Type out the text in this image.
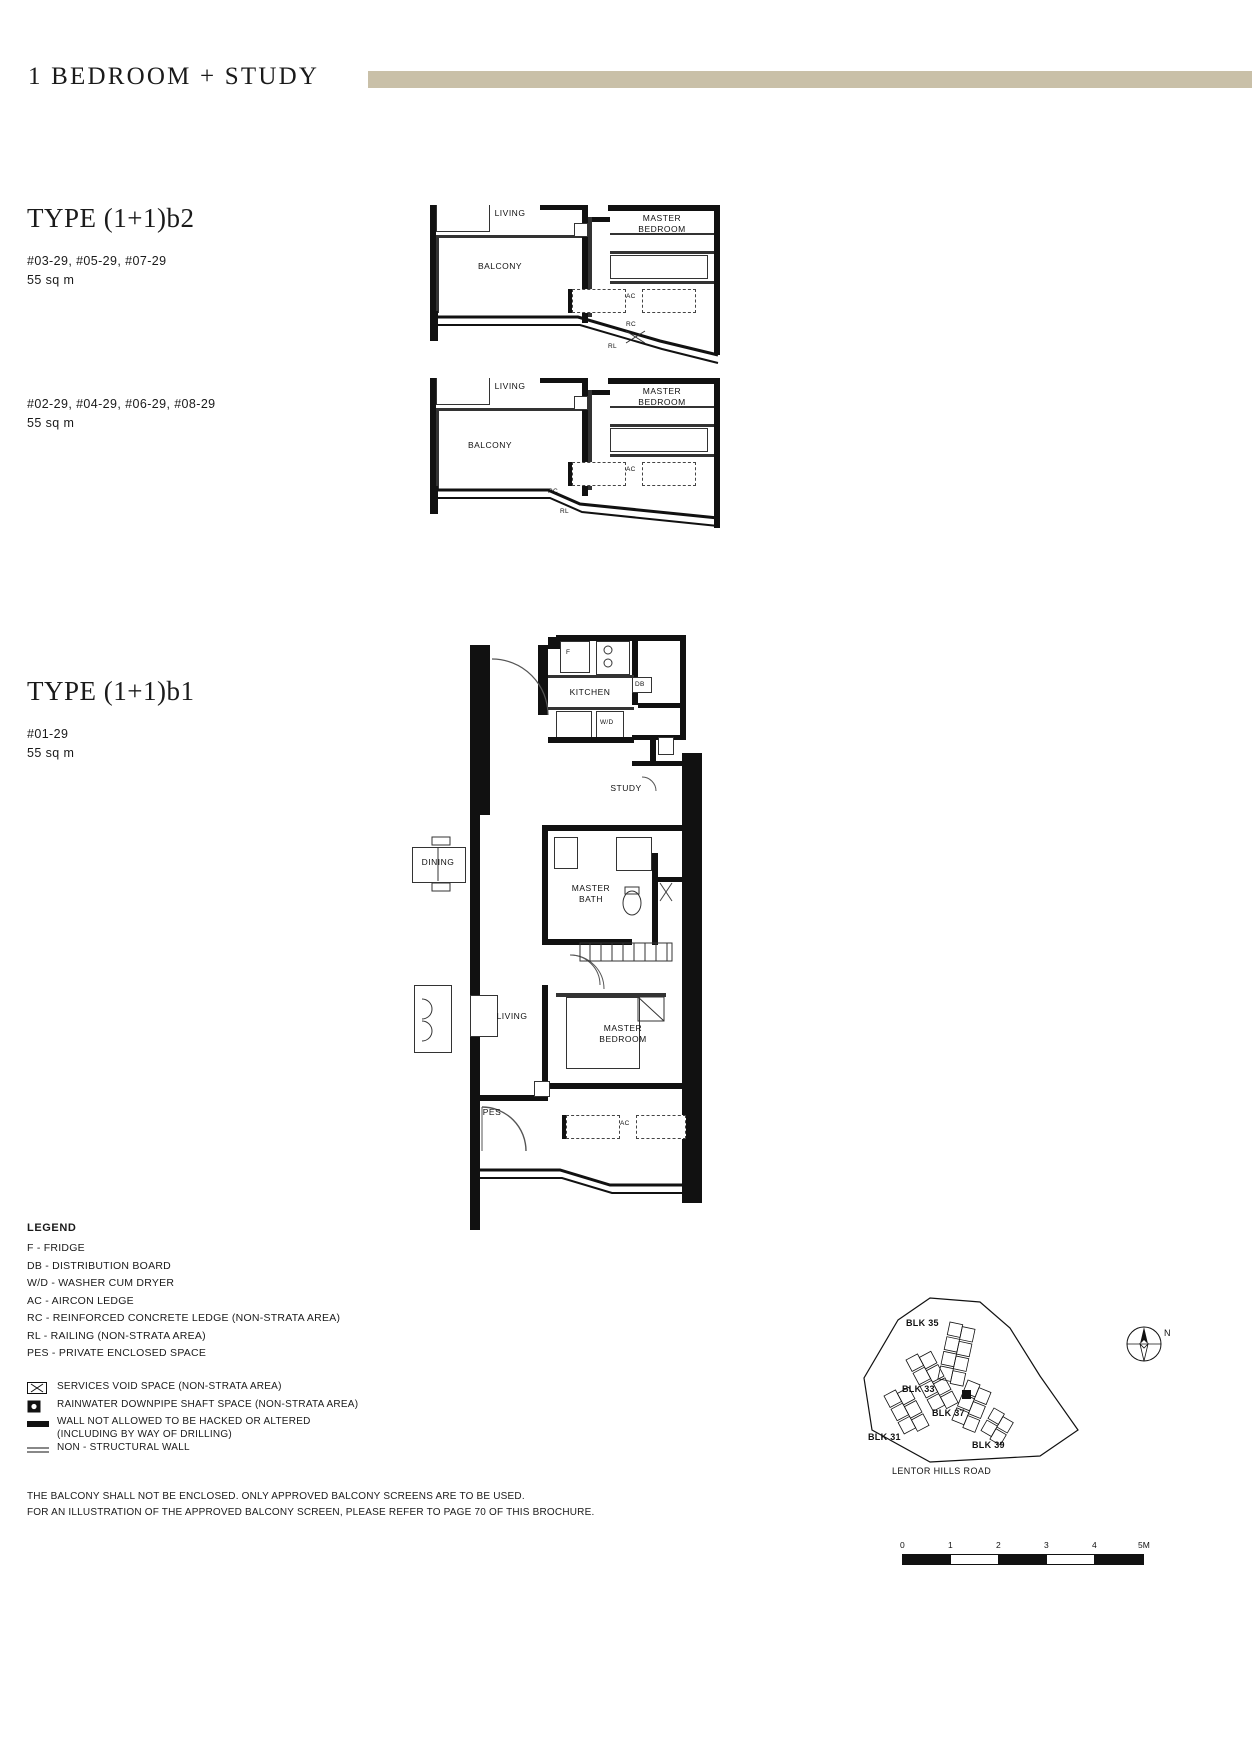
1 BEDROOM + STUDY
TYPE (1+1)b2
#03-29, #05-29, #07-29
55 sq m
#02-29, #04-29, #06-29, #08-29
55 sq m
LIVING
BALCONY
MASTER
BEDROOM
AC
RC
RL
LIVING
BALCONY
MASTER
BEDROOM
AC
RC
RL
TYPE (1+1)b1
#01-29
55 sq m
KITCHEN
F
DB
W/D
STUDY
DINING
MASTER
BATH
LIVING
MASTER
BEDROOM
PES
AC
LEGEND
F - FRIDGE
DB - DISTRIBUTION BOARD
W/D - WASHER CUM DRYER
AC - AIRCON LEDGE
RC - REINFORCED CONCRETE LEDGE (NON-STRATA AREA)
RL - RAILING (NON-STRATA AREA)
PES - PRIVATE ENCLOSED SPACE
SERVICES VOID SPACE (NON-STRATA AREA)
RAINWATER DOWNPIPE SHAFT SPACE (NON-STRATA AREA)
WALL NOT ALLOWED TO BE HACKED OR ALTERED
(INCLUDING BY WAY OF DRILLING)
NON - STRUCTURAL WALL
THE BALCONY SHALL NOT BE ENCLOSED. ONLY APPROVED BALCONY SCREENS ARE TO BE USED.
FOR AN ILLUSTRATION OF THE APPROVED BALCONY SCREEN, PLEASE REFER TO PAGE 70 OF THIS BROCHURE.
BLK 35
BLK 33
BLK 37
BLK 31
BLK 39
LENTOR HILLS ROAD
N
0	1	2	3	4	5M
